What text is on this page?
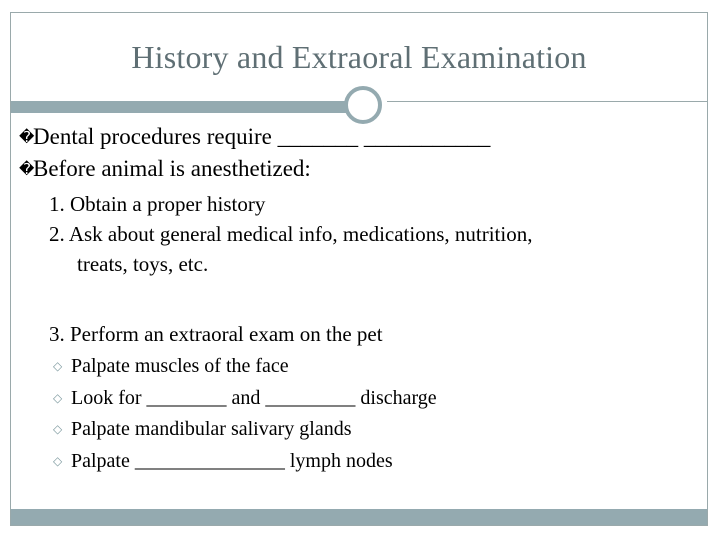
History and Extraoral Examination
�Dental procedures require _______ ___________
�Before animal is anesthetized:
1. Obtain a proper history
2. Ask about general medical info, medications, nutrition,
treats, toys, etc.
3. Perform an extraoral exam on the pet
◇ Palpate muscles of the face
◇ Look for ________ and _________ discharge
◇ Palpate mandibular salivary glands
◇ Palpate _______________ lymph nodes
